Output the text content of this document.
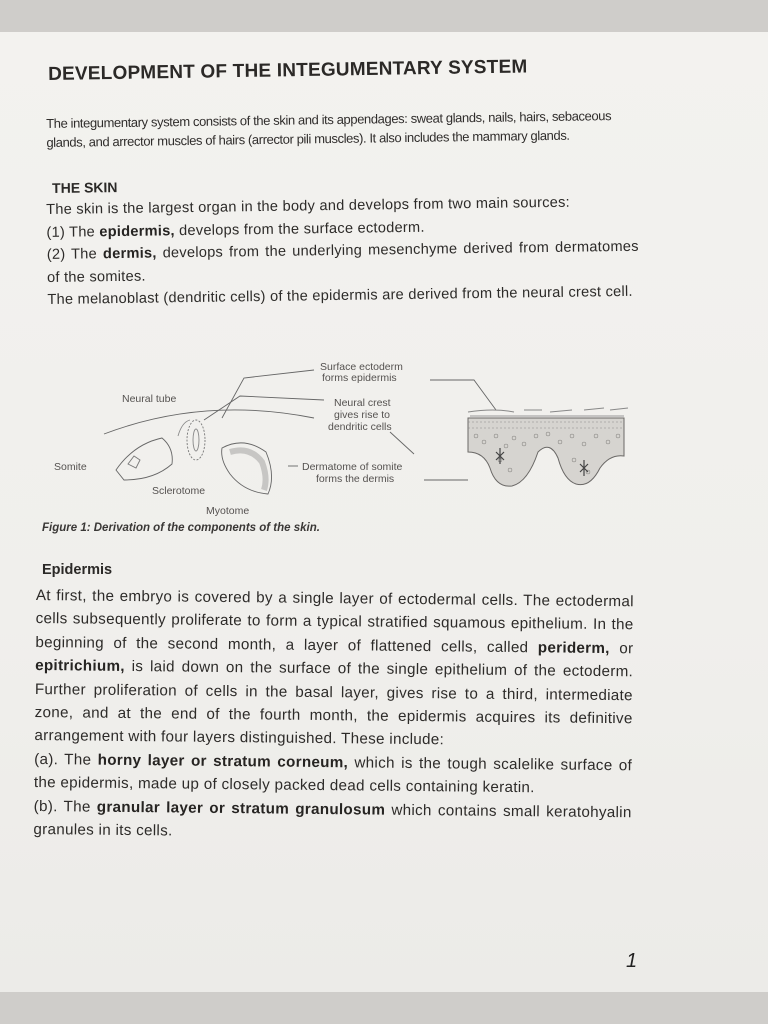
DEVELOPMENT OF THE INTEGUMENTARY SYSTEM
The integumentary system consists of the skin and its appendages: sweat glands, nails, hairs, sebaceous glands, and arrector muscles of hairs (arrector pili muscles). It also includes the mammary glands.
THE SKIN

The skin is the largest organ in the body and develops from two main sources:

(1) The epidermis, develops from the surface ectoderm.

(2) The dermis, develops from the underlying mesenchyme derived from dermatomes of the somites.

The melanoblast (dendritic cells) of the epidermis are derived from the neural crest cell.

Surface ectoderm
forms epidermis
Neural tube	Neural crest
gives rise to
dendritic cells
Somite	Dermatome of somite
forms the dermis
Sclerotome
Myotome
Figure 1: Derivation of the components of the skin.
Epidermis

At first, the embryo is covered by a single layer of ectodermal cells. The ectodermal cells subsequently proliferate to form a typical stratified squamous epithelium. In the beginning of the second month, a layer of flattened cells, called periderm, or epitrichium, is laid down on the surface of the single epithelium of the ectoderm. Further proliferation of cells in the basal layer, gives rise to a third, intermediate zone, and at the end of the fourth month, the epidermis acquires its definitive arrangement with four layers distinguished. These include:

(a). The horny layer or stratum corneum, which is the tough scalelike surface of the epidermis, made up of closely packed dead cells containing keratin.

(b). The granular layer or stratum granulosum which contains small keratohyalin granules in its cells.

1
